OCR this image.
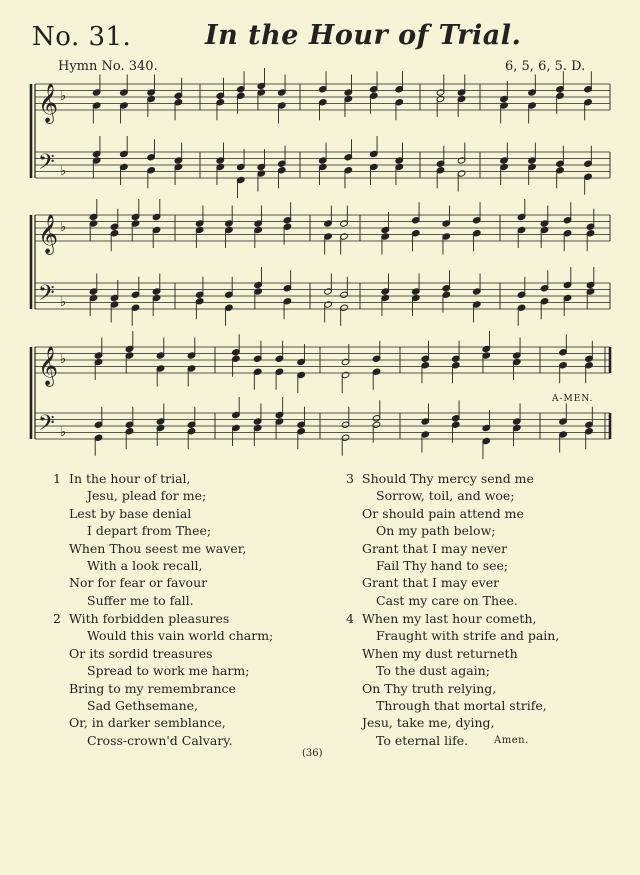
No. 31.	In the Hour of Trial.
Hymn No. 340.	6, 5, 6, 5. D.
𝄞 ♭
𝄢 ♭
𝄞 ♭
𝄢 ♭
𝄞 ♭
𝄢 ♭
A-MEN.
1 In the hour of trial,
Jesu, plead for me;
Lest by base denial
I depart from Thee;
When Thou seest me waver,
With a look recall,
Nor for fear or favour
Suffer me to fall.
2 With forbidden pleasures
Would this vain world charm;
Or its sordid treasures
Spread to work me harm;
Bring to my remembrance
Sad Gethsemane,
Or, in darker semblance,
Cross-crown'd Calvary.
3 Should Thy mercy send me
Sorrow, toil, and woe;
Or should pain attend me
On my path below;
Grant that I may never
Fail Thy hand to see;
Grant that I may ever
Cast my care on Thee.
4 When my last hour cometh,
Fraught with strife and pain,
When my dust returneth
To the dust again;
On Thy truth relying,
Through that mortal strife,
Jesu, take me, dying,
To eternal life.	Amen.
(36)
